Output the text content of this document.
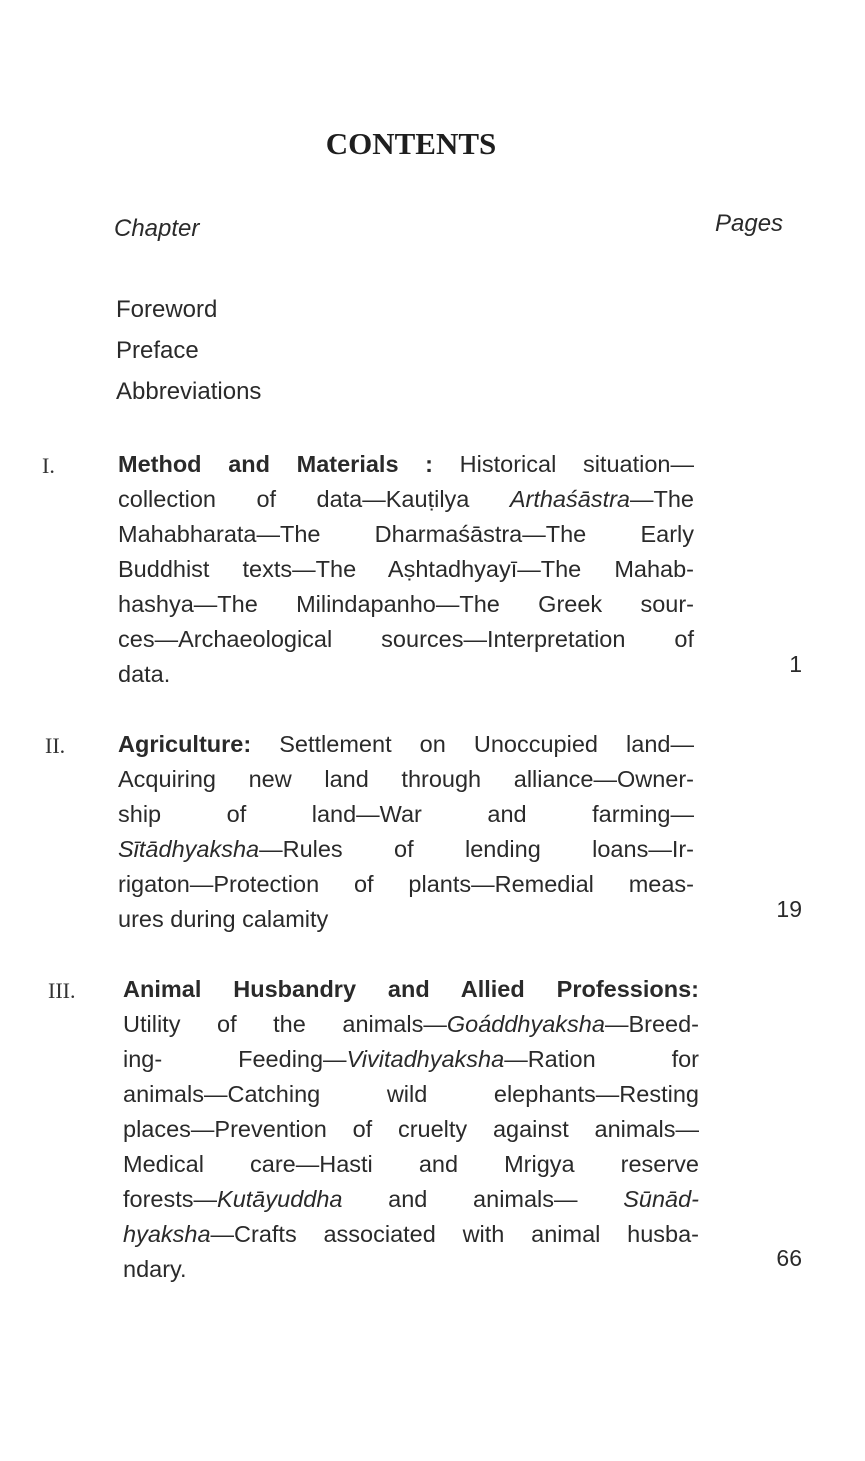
CONTENTS
Chapter	Pages
Foreword
Preface
Abbreviations
I.	Method and Materials : Historical situation—
collection of data—Kauṭilya Arthaśāstra—The
Mahabharata—The Dharmaśāstra—The Early
Buddhist texts—The Aṣhtadhyayī—The Mahab-
hashya—The Milindapanho—The Greek sour-
ces—Archaeological sources—Interpretation of
data.	1
II. Agriculture: Settlement on Unoccupied land—
Acquiring new land through alliance—Owner-
ship of land—War and farming—
Sītādhyaksha—Rules of lending loans—Ir-
rigaton—Protection of plants—Remedial meas-
ures during calamity	19
III. Animal Husbandry and Allied Professions:
Utility of the animals—Goáddhyaksha—Breed-
ing- Feeding—Vivitadhyaksha—Ration for
animals—Catching wild elephants—Resting
places—Prevention of cruelty against animals—
Medical care—Hasti and Mrigya reserve
forests—Kutāyuddha and animals— Sūnād-
hyaksha—Crafts associated with animal husba-
ndary.	66
